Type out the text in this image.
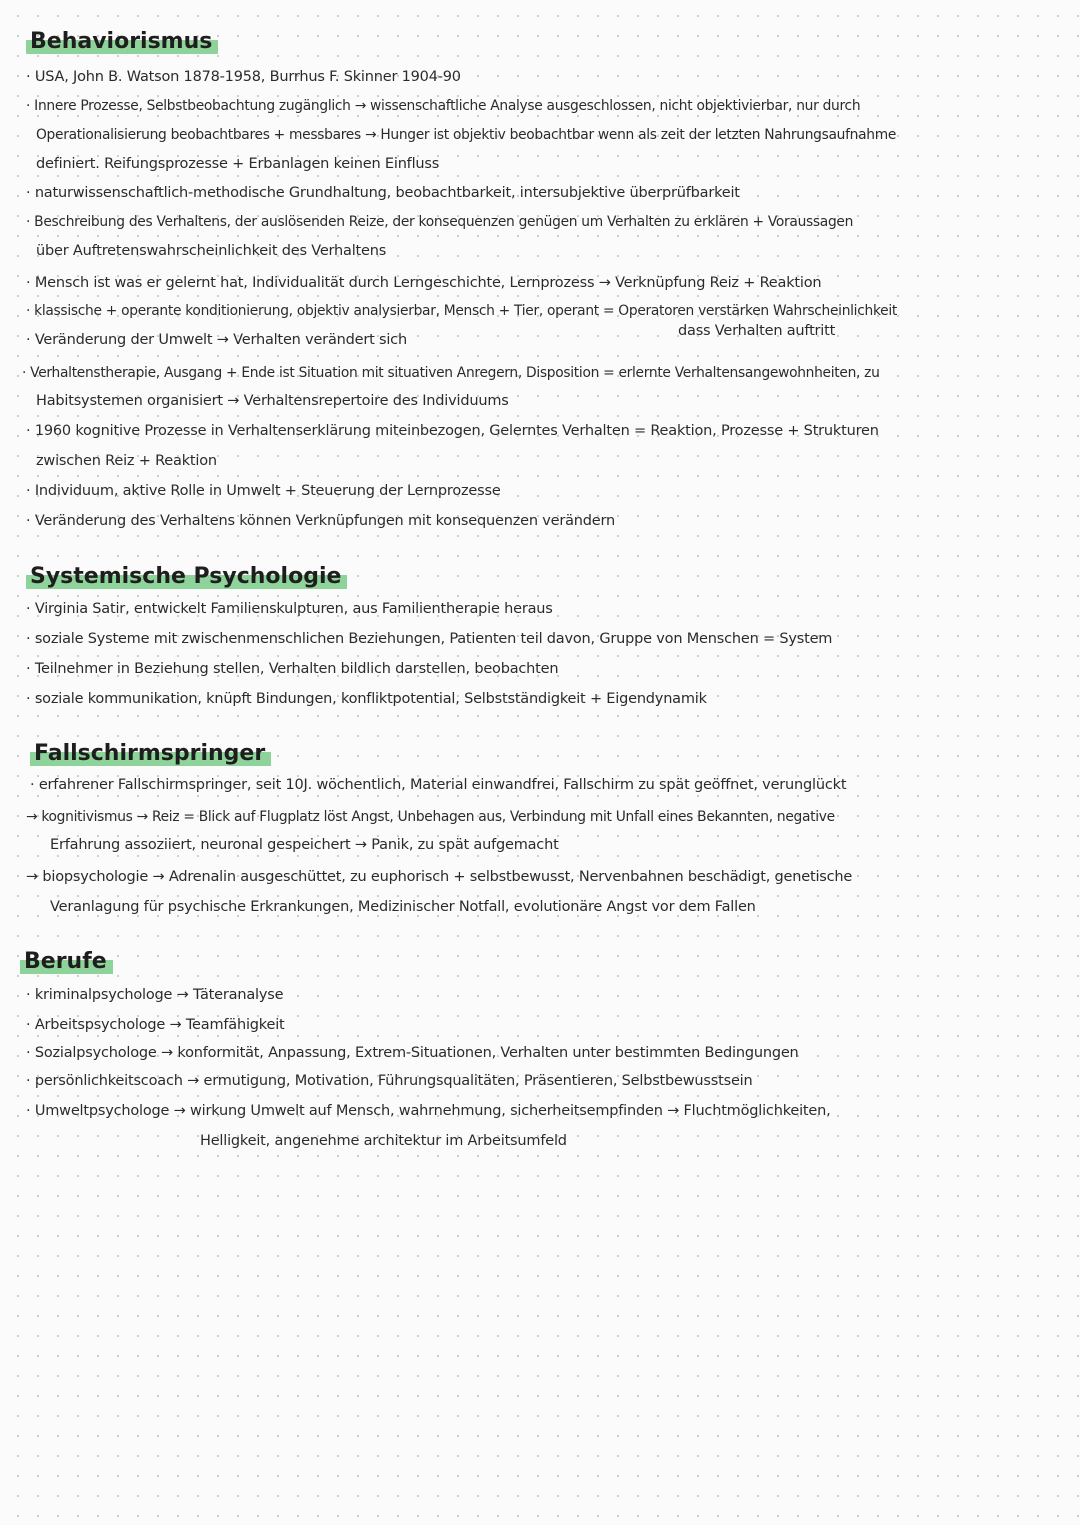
Behaviorismus
· USA, John B. Watson 1878-1958, Burrhus F. Skinner 1904-90
· Innere Prozesse, Selbstbeobachtung zugänglich → wissenschaftliche Analyse ausgeschlossen, nicht objektivierbar, nur durch
Operationalisierung beobachtbares + messbares → Hunger ist objektiv beobachtbar wenn als zeit der letzten Nahrungsaufnahme
definiert. Reifungsprozesse + Erbanlagen keinen Einfluss
· naturwissenschaftlich-methodische Grundhaltung, beobachtbarkeit, intersubjektive überprüfbarkeit
· Beschreibung des Verhaltens, der auslösenden Reize, der konsequenzen genügen um Verhalten zu erklären + Voraussagen
über Auftretenswahrscheinlichkeit des Verhaltens
· Mensch ist was er gelernt hat, Individualität durch Lerngeschichte, Lernprozess → Verknüpfung Reiz + Reaktion
· klassische + operante konditionierung, objektiv analysierbar, Mensch + Tier, operant = Operatoren verstärken Wahrscheinlichkeit
· Veränderung der Umwelt → Verhalten verändert sich
dass Verhalten auftritt
· Verhaltenstherapie, Ausgang + Ende ist Situation mit situativen Anregern, Disposition = erlernte Verhaltensangewohnheiten, zu
Habitsystemen organisiert → Verhaltensrepertoire des Individuums
· 1960 kognitive Prozesse in Verhaltenserklärung miteinbezogen, Gelerntes Verhalten = Reaktion, Prozesse + Strukturen
zwischen Reiz + Reaktion
· Individuum, aktive Rolle in Umwelt + Steuerung der Lernprozesse
· Veränderung des Verhaltens können Verknüpfungen mit konsequenzen verändern
Systemische Psychologie
· Virginia Satir, entwickelt Familienskulpturen, aus Familientherapie heraus
· soziale Systeme mit zwischenmenschlichen Beziehungen, Patienten teil davon, Gruppe von Menschen = System
· Teilnehmer in Beziehung stellen, Verhalten bildlich darstellen, beobachten
· soziale kommunikation, knüpft Bindungen, konfliktpotential, Selbstständigkeit + Eigendynamik
Fallschirmspringer
· erfahrener Fallschirmspringer, seit 10J. wöchentlich, Material einwandfrei, Fallschirm zu spät geöffnet, verunglückt
→ kognitivismus → Reiz = Blick auf Flugplatz löst Angst, Unbehagen aus, Verbindung mit Unfall eines Bekannten, negative
Erfahrung assoziiert, neuronal gespeichert → Panik, zu spät aufgemacht
→ biopsychologie → Adrenalin ausgeschüttet, zu euphorisch + selbstbewusst, Nervenbahnen beschädigt, genetische
Veranlagung für psychische Erkrankungen, Medizinischer Notfall, evolutionäre Angst vor dem Fallen
Berufe
· kriminalpsychologe → Täteranalyse
· Arbeitspsychologe → Teamfähigkeit
· Sozialpsychologe → konformität, Anpassung, Extrem-Situationen, Verhalten unter bestimmten Bedingungen
· persönlichkeitscoach → ermutigung, Motivation, Führungsqualitäten, Präsentieren, Selbstbewusstsein
· Umweltpsychologe → wirkung Umwelt auf Mensch, wahrnehmung, sicherheitsempfinden → Fluchtmöglichkeiten,
Helligkeit, angenehme architektur im Arbeitsumfeld
